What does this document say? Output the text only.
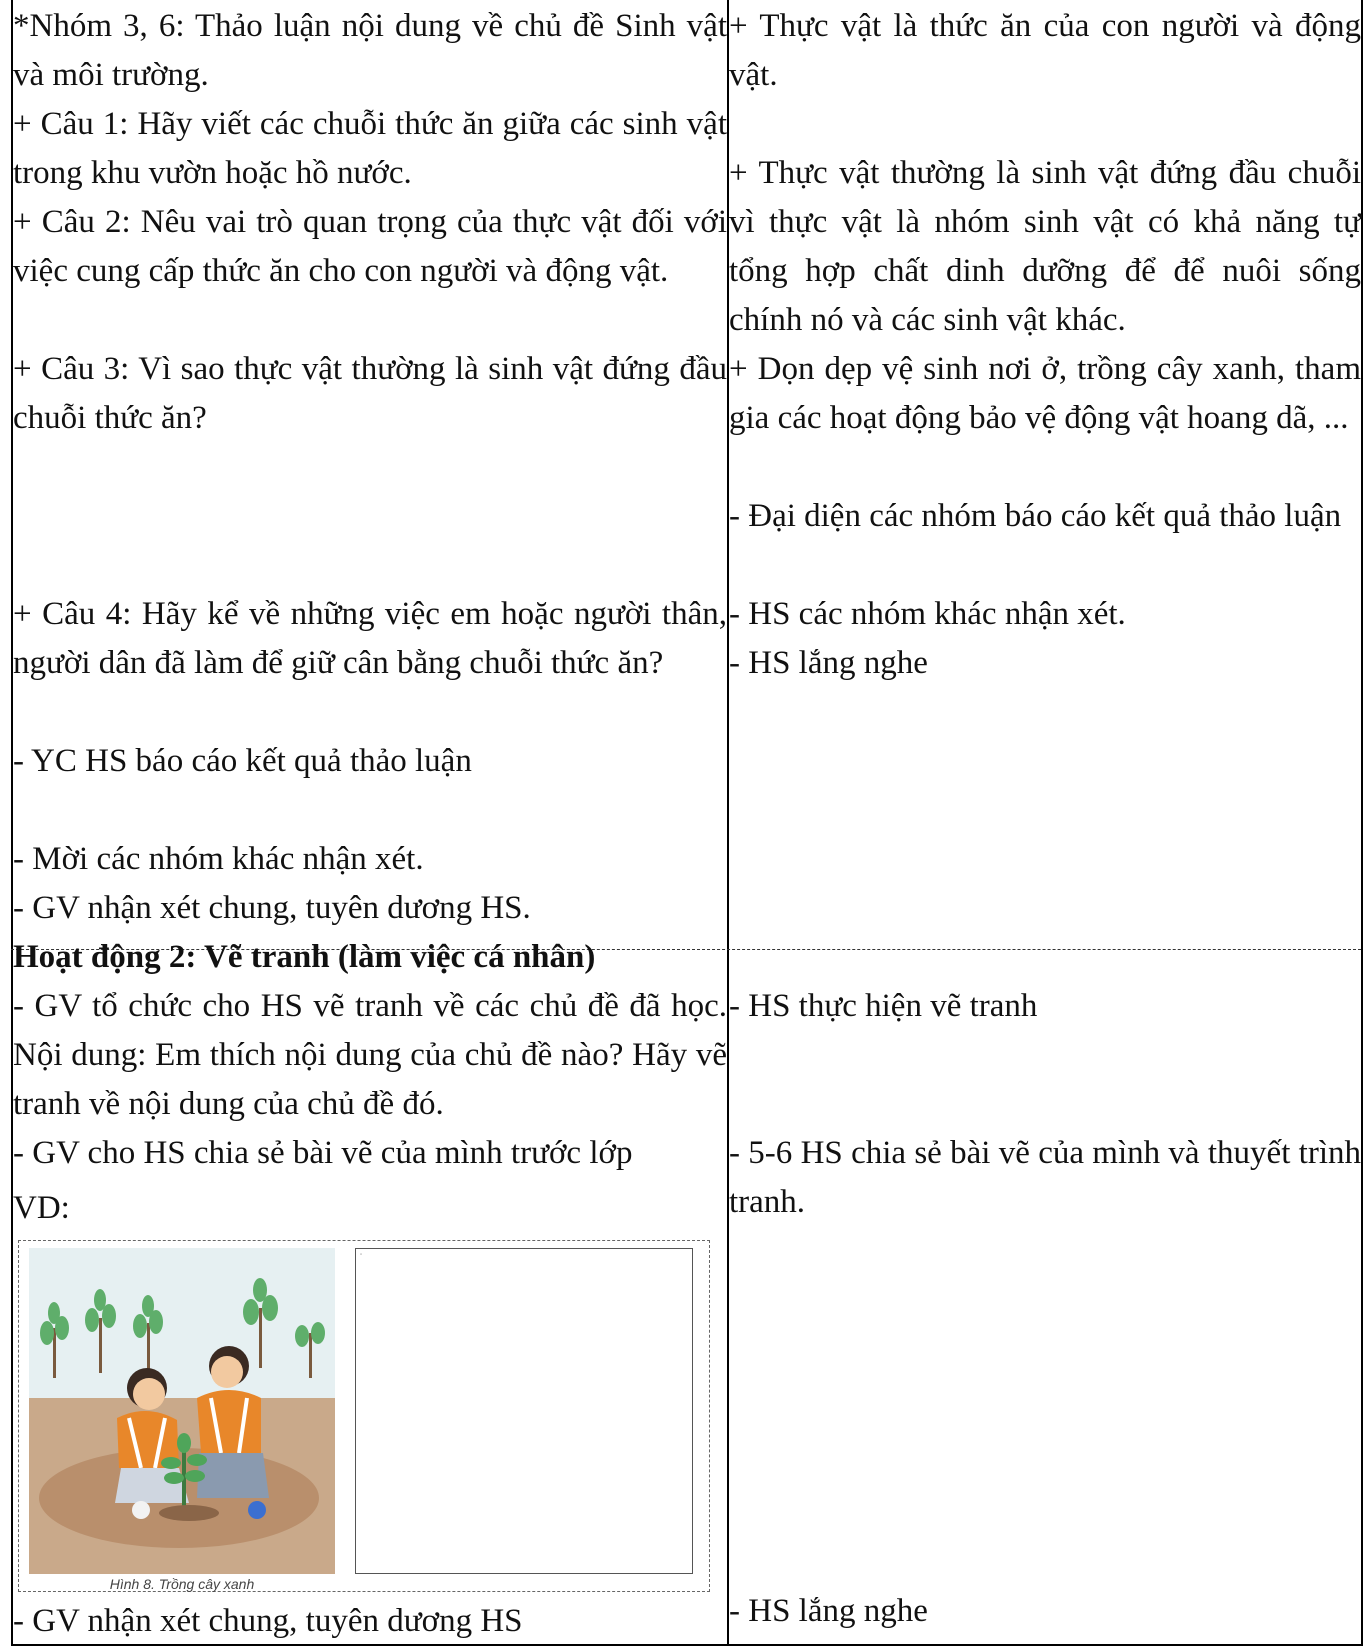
*Nhóm 3, 6: Thảo luận nội dung về chủ đề Sinh vật và môi trường.
+ Câu 1: Hãy viết các chuỗi thức ăn giữa các sinh vật trong khu vườn hoặc hồ nước.
+ Câu 2: Nêu vai trò quan trọng của thực vật đối với việc cung cấp thức ăn cho con người và động vật.
+ Câu 3: Vì sao thực vật thường là sinh vật đứng đầu chuỗi thức ăn?
+ Câu 4: Hãy kể về những việc em hoặc người thân, người dân đã làm để giữ cân bằng chuỗi thức ăn?
- YC HS báo cáo kết quả thảo luận
- Mời các nhóm khác nhận xét.
- GV nhận xét chung, tuyên dương HS.
Hoạt động 2: Vẽ tranh (làm việc cá nhân)
- GV tổ chức cho HS vẽ tranh về các chủ đề đã học. Nội dung: Em thích nội dung của chủ đề nào? Hãy vẽ tranh về nội dung của chủ đề đó.
- GV cho HS chia sẻ bài vẽ của mình trước lớp
VD:
- GV nhận xét chung, tuyên dương HS
Hình 8. Trồng cây xanh
▫
+ Thực vật là thức ăn của con người và động vật.
+ Thực vật thường là sinh vật đứng đầu chuỗi vì thực vật là nhóm sinh vật có khả năng tự tổng hợp chất dinh dưỡng để để nuôi sống chính nó và các sinh vật khác.
+ Dọn dẹp vệ sinh nơi ở, trồng cây xanh, tham gia các hoạt động bảo vệ động vật hoang dã, ...
- Đại diện các nhóm báo cáo kết quả thảo luận
- HS các nhóm khác nhận xét.
- HS lắng nghe
- HS thực hiện vẽ tranh
- 5-6 HS chia sẻ bài vẽ của mình và thuyết trình tranh.
- HS lắng nghe
